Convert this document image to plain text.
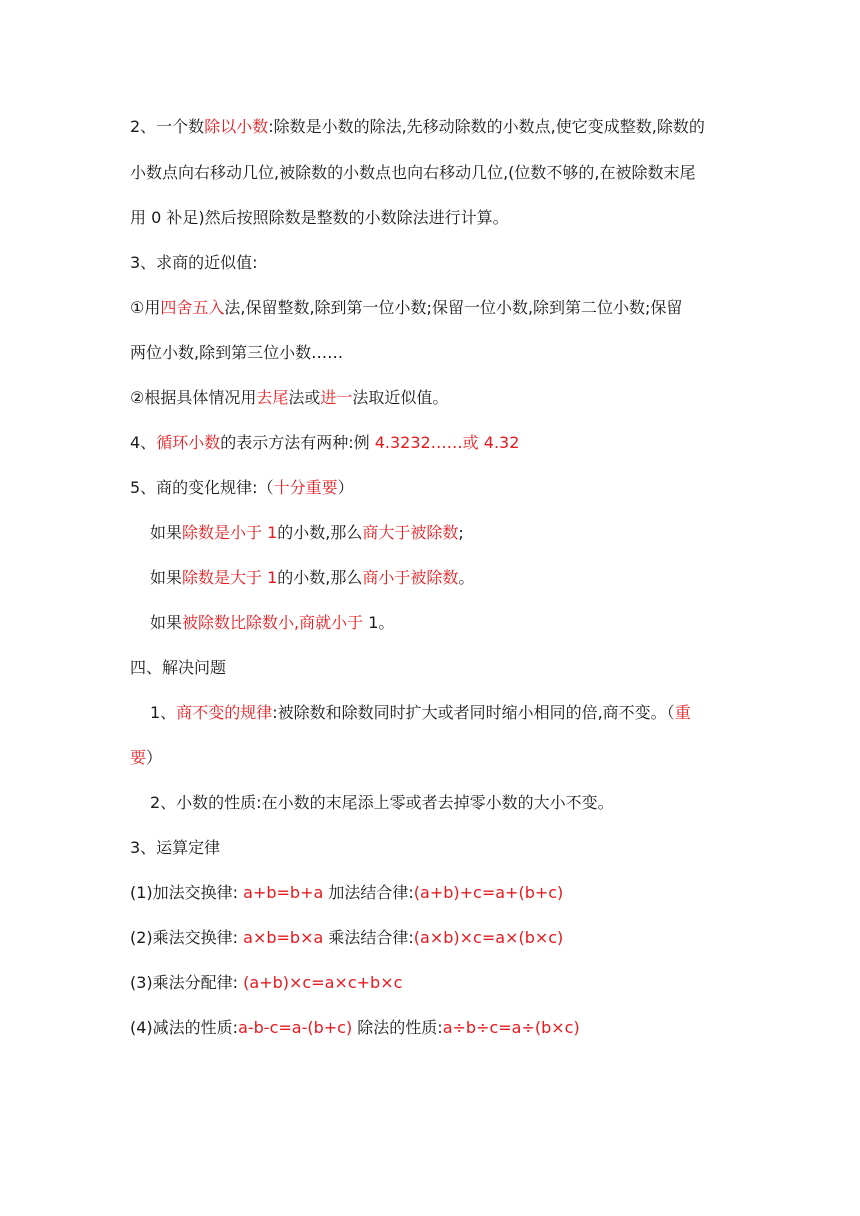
2、一个数除以小数:除数是小数的除法,先移动除数的小数点,使它变成整数,除数的
小数点向右移动几位,被除数的小数点也向右移动几位,(位数不够的,在被除数末尾
用 0 补足)然后按照除数是整数的小数除法进行计算。
3、求商的近似值:
①用四舍五入法,保留整数,除到第一位小数;保留一位小数,除到第二位小数;保留
两位小数,除到第三位小数……
②根据具体情况用去尾法或进一法取近似值。
4、循环小数的表示方法有两种:例 4.3232……或 4.32
5、商的变化规律:（十分重要）
如果除数是小于 1的小数,那么商大于被除数;
如果除数是大于 1的小数,那么商小于被除数。
如果被除数比除数小,商就小于 1。
四、解决问题
1、商不变的规律:被除数和除数同时扩大或者同时缩小相同的倍,商不变。（重
要）
2、小数的性质:在小数的末尾添上零或者去掉零小数的大小不变。
3、运算定律
(1)加法交换律: a+b=b+a 加法结合律:(a+b)+c=a+(b+c)
(2)乘法交换律: a×b=b×a 乘法结合律:(a×b)×c=a×(b×c)
(3)乘法分配律: (a+b)×c=a×c+b×c
(4)减法的性质:a-b-c=a-(b+c) 除法的性质:a÷b÷c=a÷(b×c)
